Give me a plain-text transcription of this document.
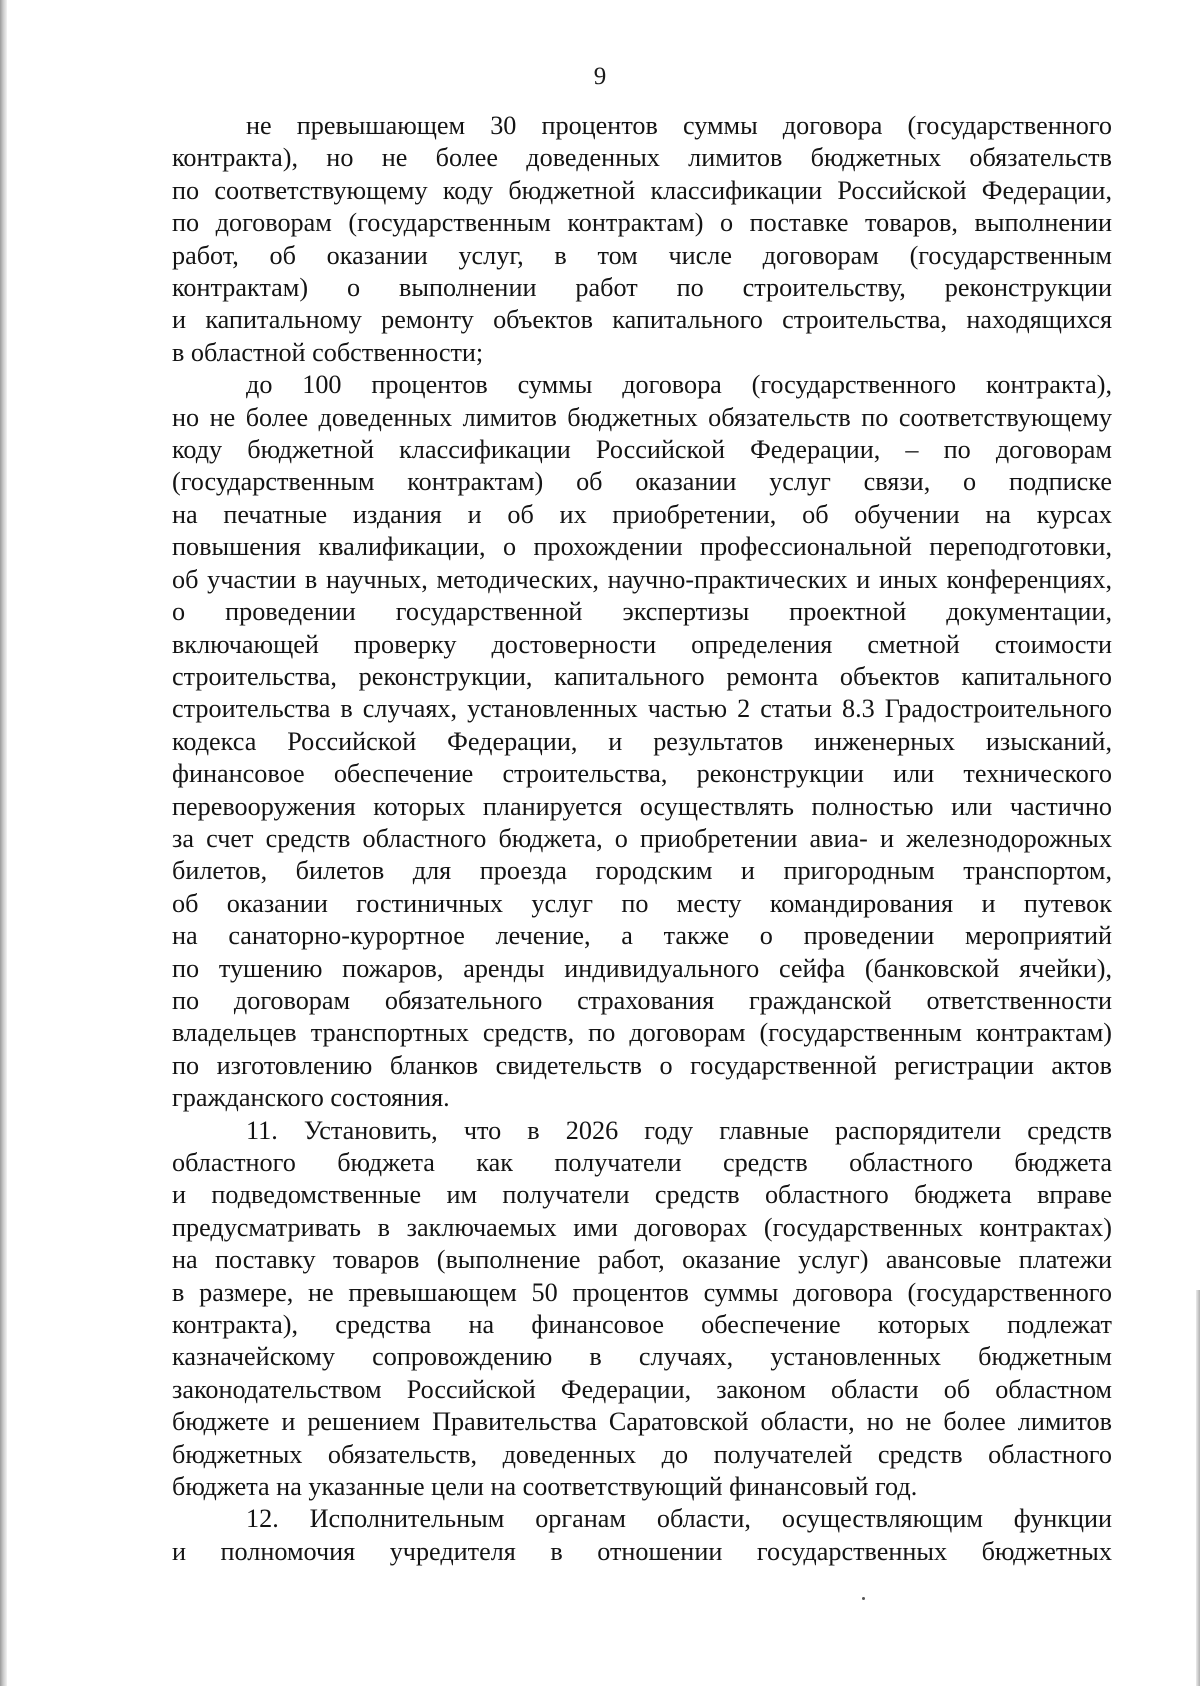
9
не превышающем 30 процентов суммы договора (государственного
контракта), но не более доведенных лимитов бюджетных обязательств
по соответствующему коду бюджетной классификации Российской Федерации,
по договорам (государственным контрактам) о поставке товаров, выполнении
работ, об оказании услуг, в том числе договорам (государственным
контрактам) о выполнении работ по строительству, реконструкции
и капитальному ремонту объектов капитального строительства, находящихся
в областной собственности;
до 100 процентов суммы договора (государственного контракта),
но не более доведенных лимитов бюджетных обязательств по соответствующему
коду бюджетной классификации Российской Федерации, – по договорам
(государственным контрактам) об оказании услуг связи, о подписке
на печатные издания и об их приобретении, об обучении на курсах
повышения квалификации, о прохождении профессиональной переподготовки,
об участии в научных, методических, научно-практических и иных конференциях,
о проведении государственной экспертизы проектной документации,
включающей проверку достоверности определения сметной стоимости
строительства, реконструкции, капитального ремонта объектов капитального
строительства в случаях, установленных частью 2 статьи 8.3 Градостроительного
кодекса Российской Федерации, и результатов инженерных изысканий,
финансовое обеспечение строительства, реконструкции или технического
перевооружения которых планируется осуществлять полностью или частично
за счет средств областного бюджета, о приобретении авиа- и железнодорожных
билетов, билетов для проезда городским и пригородным транспортом,
об оказании гостиничных услуг по месту командирования и путевок
на санаторно-курортное лечение, а также о проведении мероприятий
по тушению пожаров, аренды индивидуального сейфа (банковской ячейки),
по договорам обязательного страхования гражданской ответственности
владельцев транспортных средств, по договорам (государственным контрактам)
по изготовлению бланков свидетельств о государственной регистрации актов
гражданского состояния.
11. Установить, что в 2026 году главные распорядители средств
областного бюджета как получатели средств областного бюджета
и подведомственные им получатели средств областного бюджета вправе
предусматривать в заключаемых ими договорах (государственных контрактах)
на поставку товаров (выполнение работ, оказание услуг) авансовые платежи
в размере, не превышающем 50 процентов суммы договора (государственного
контракта), средства на финансовое обеспечение которых подлежат
казначейскому сопровождению в случаях, установленных бюджетным
законодательством Российской Федерации, законом области об областном
бюджете и решением Правительства Саратовской области, но не более лимитов
бюджетных обязательств, доведенных до получателей средств областного
бюджета на указанные цели на соответствующий финансовый год.
12. Исполнительным органам области, осуществляющим функции
и полномочия учредителя в отношении государственных бюджетных
